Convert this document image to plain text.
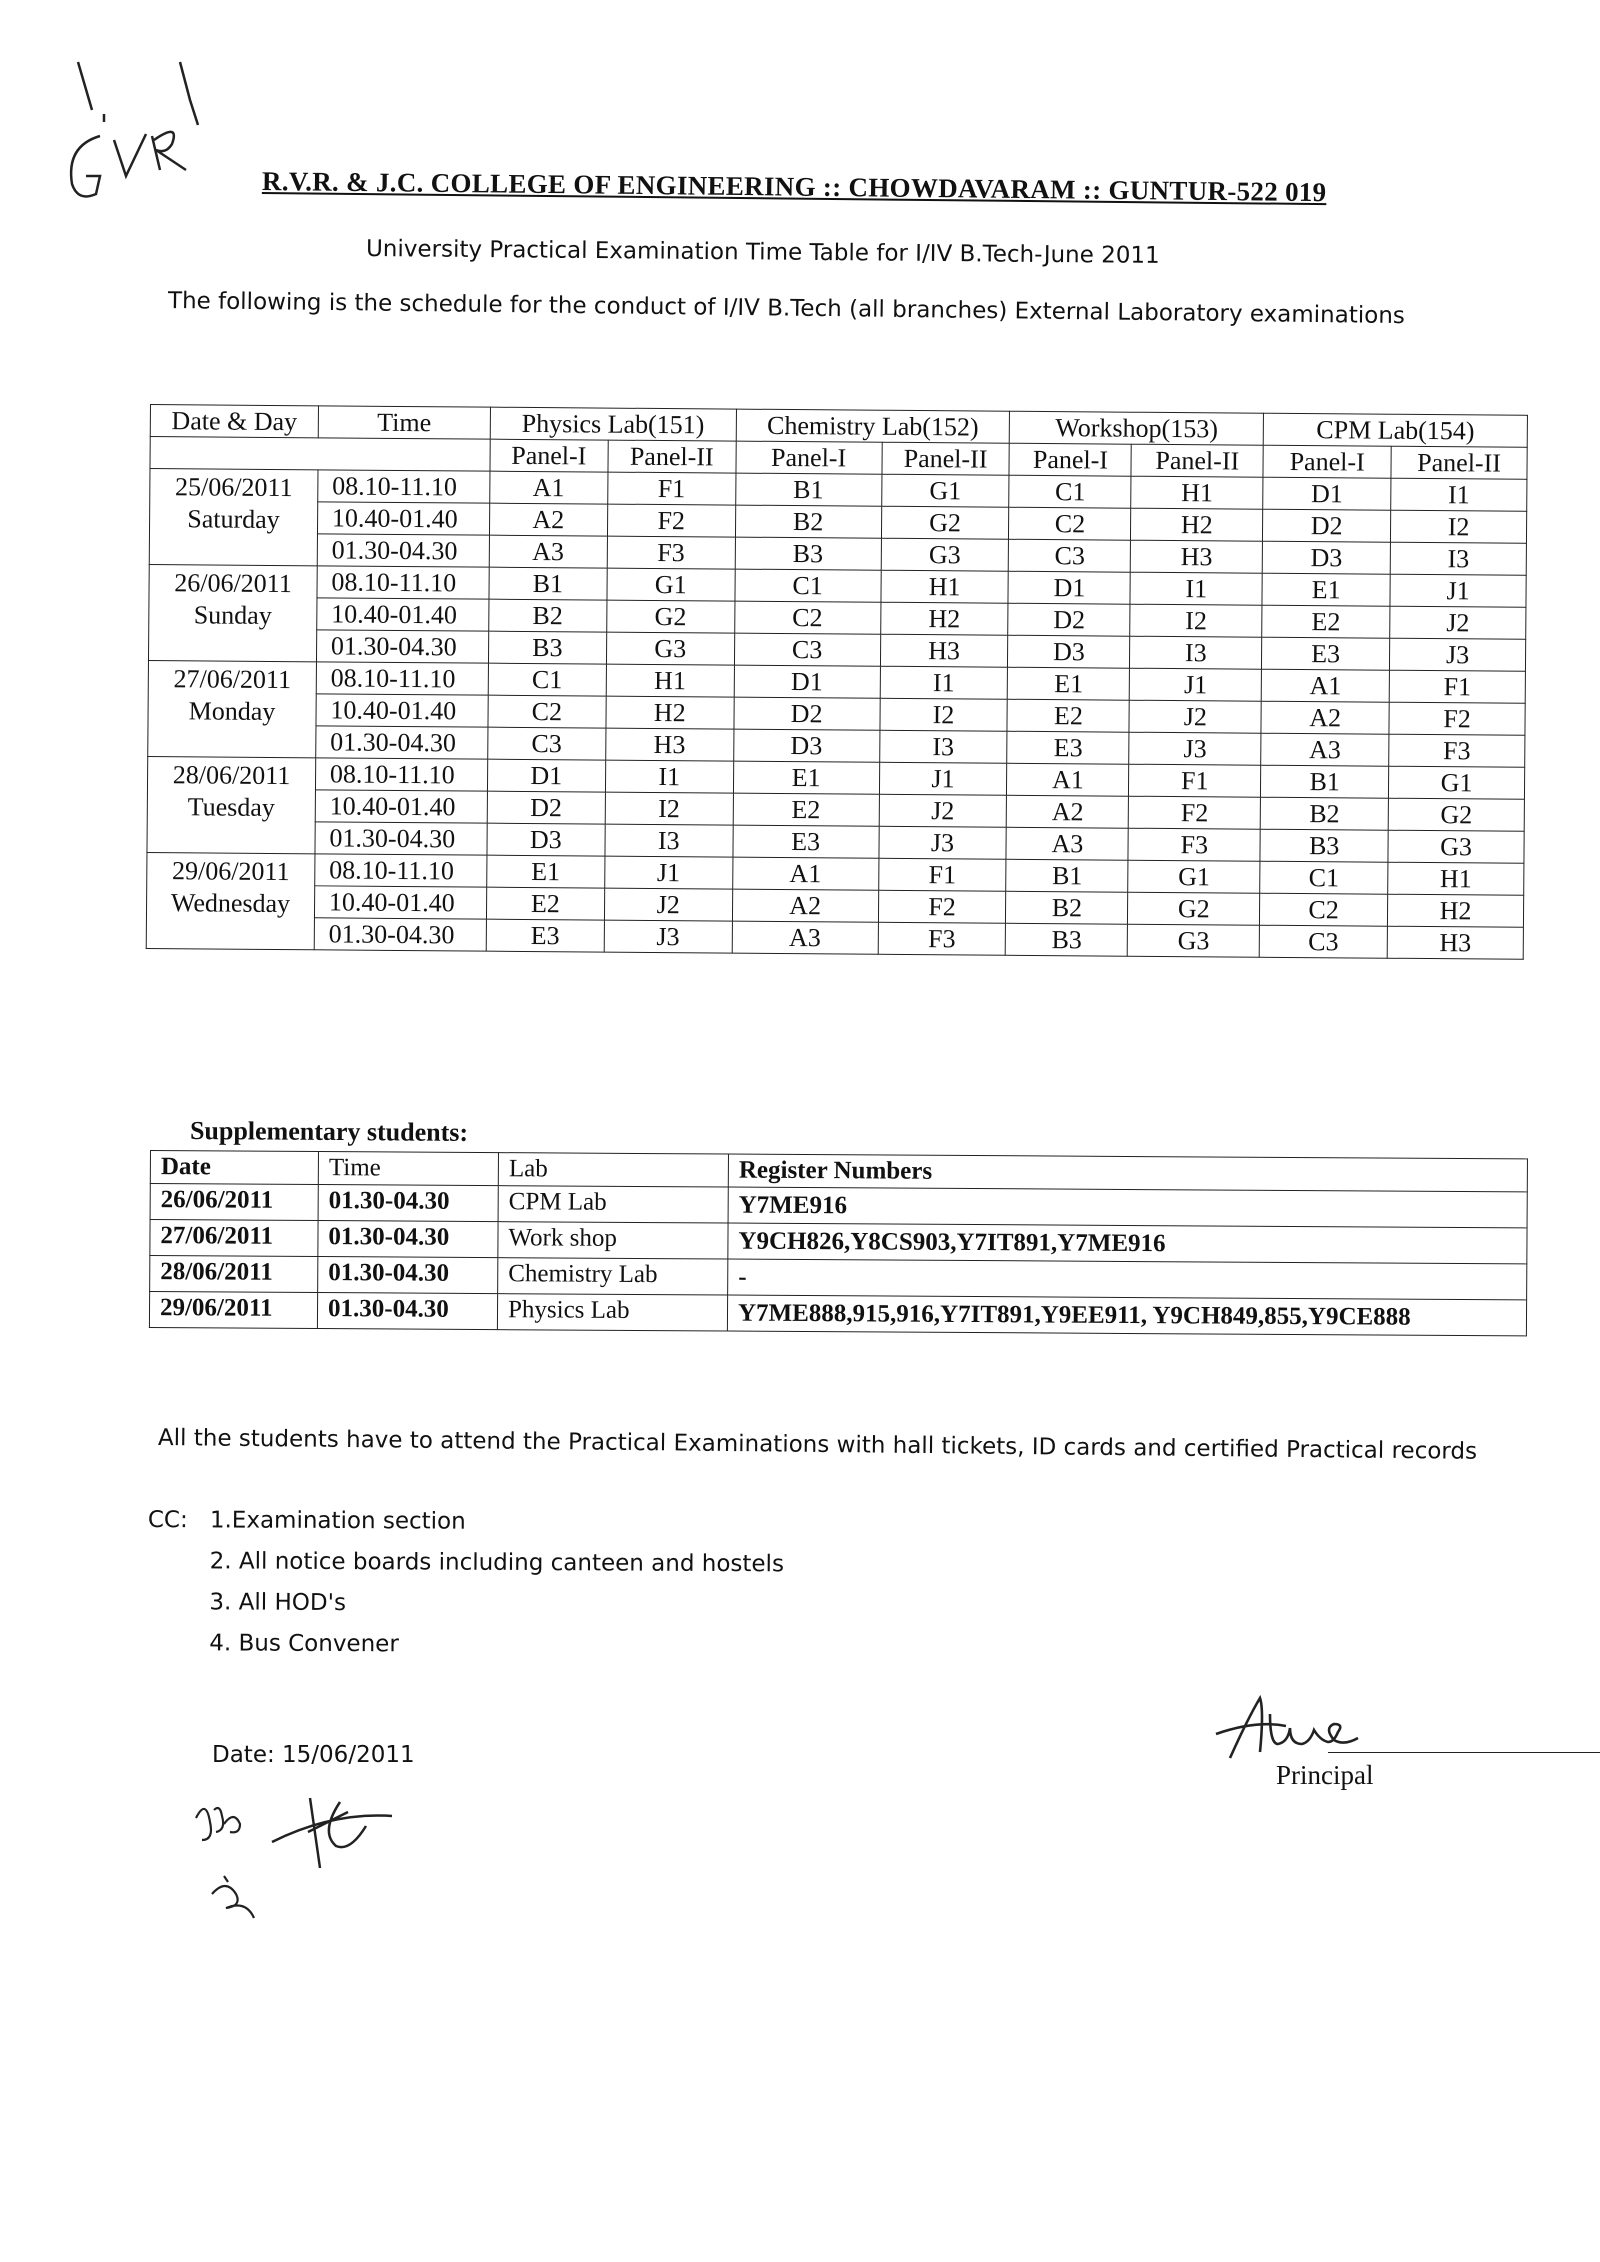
R.V.R. & J.C. COLLEGE OF ENGINEERING :: CHOWDAVARAM :: GUNTUR-522 019
University Practical Examination Time Table for I/IV B.Tech-June 2011
The following is the schedule for the conduct of I/IV B.Tech (all branches) External Laboratory examinations
Date & Day	Time	Physics Lab(151)		Chemistry Lab(152)		Workshop(153)		CPM Lab(154)	
		Panel-I	Panel-II	Panel-I	Panel-II	Panel-I	Panel-II	Panel-I	Panel-II

25/06/2011
Saturday	08.10-11.10	A1	F1	B1	G1	C1	H1	D1	I1
	10.40-01.40	A2	F2	B2	G2	C2	H2	D2	I2
	01.30-04.30	A3	F3	B3	G3	C3	H3	D3	I3

26/06/2011
Sunday	08.10-11.10	B1	G1	C1	H1	D1	I1	E1	J1
	10.40-01.40	B2	G2	C2	H2	D2	I2	E2	J2
	01.30-04.30	B3	G3	C3	H3	D3	I3	E3	J3

27/06/2011
Monday	08.10-11.10	C1	H1	D1	I1	E1	J1	A1	F1
	10.40-01.40	C2	H2	D2	I2	E2	J2	A2	F2
	01.30-04.30	C3	H3	D3	I3	E3	J3	A3	F3

28/06/2011
Tuesday	08.10-11.10	D1	I1	E1	J1	A1	F1	B1	G1
	10.40-01.40	D2	I2	E2	J2	A2	F2	B2	G2
	01.30-04.30	D3	I3	E3	J3	A3	F3	B3	G3

29/06/2011
Wednesday	08.10-11.10	E1	J1	A1	F1	B1	G1	C1	H1
	10.40-01.40	E2	J2	A2	F2	B2	G2	C2	H2
	01.30-04.30	E3	J3	A3	F3	B3	G3	C3	H3
Supplementary students:
Date	Time	Lab	Register Numbers
26/06/2011	01.30-04.30	CPM Lab	Y7ME916
27/06/2011	01.30-04.30	Work shop	Y9CH826,Y8CS903,Y7IT891,Y7ME916
28/06/2011	01.30-04.30	Chemistry Lab	-
29/06/2011	01.30-04.30	Physics Lab	Y7ME888,915,916,Y7IT891,Y9EE911, Y9CH849,855,Y9CE888
All the students have to attend the Practical Examinations with hall tickets, ID cards and certified Practical records
CC: 1.Examination section
2. All notice boards including canteen and hostels
3. All HOD's
4. Bus Convener
Date: 15/06/2011
Principal
